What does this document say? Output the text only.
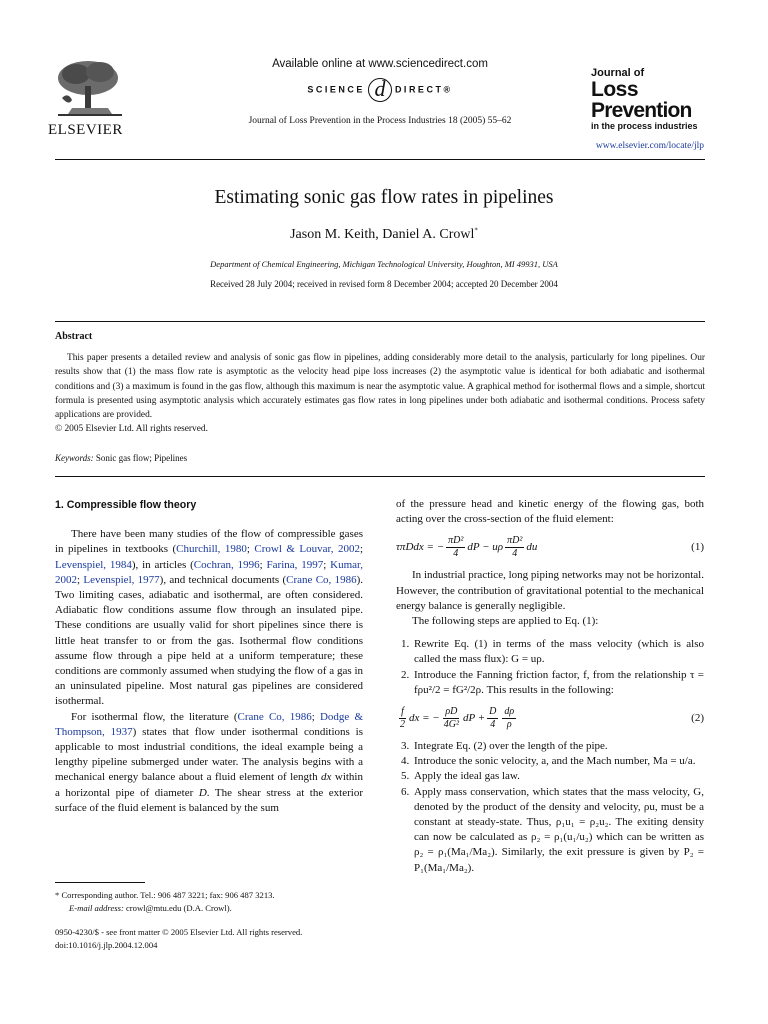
ELSEVIER
Available online at www.sciencedirect.com
SCIENCE d DIRECT®
Journal of Loss Prevention in the Process Industries 18 (2005) 55–62
Journal of
Loss
Prevention
in the process industries
www.elsevier.com/locate/jlp
Estimating sonic gas flow rates in pipelines
Jason M. Keith, Daniel A. Crowl*
Department of Chemical Engineering, Michigan Technological University, Houghton, MI 49931, USA
Received 28 July 2004; received in revised form 8 December 2004; accepted 20 December 2004
Abstract
This paper presents a detailed review and analysis of sonic gas flow in pipelines, adding considerably more detail to the analysis, particularly for long pipelines. Our results show that (1) the mass flow rate is asymptotic as the velocity head pipe loss increases (2) the asymptotic value is identical for both adiabatic and isothermal conditions and (3) a maximum is found in the gas flow, although this maximum is near the asymptotic value. A graphical method for isothermal flows and a simple, shortcut formula is presented using asymptotic analysis which accurately estimates gas flow rates in long pipelines under both adiabatic and isothermal conditions. Process safety applications are provided.
© 2005 Elsevier Ltd. All rights reserved.
Keywords: Sonic gas flow; Pipelines
1. Compressible flow theory
There have been many studies of the flow of compressible gases in pipelines in textbooks (Churchill, 1980; Crowl & Louvar, 2002; Levenspiel, 1984), in articles (Cochran, 1996; Farina, 1997; Kumar, 2002; Levenspiel, 1977), and technical documents (Crane Co, 1986). Two limiting cases, adiabatic and isothermal, are often considered. Adiabatic flow conditions assume flow through an insulated pipe. These conditions are usually valid for short pipelines since there is little heat transfer to or from the gas. Isothermal flow conditions assume flow through a pipe held at a uniform temperature; these conditions are commonly assumed when studying the flow of a gas in an uninsulated pipeline. Most natural gas pipelines are considered isothermal.
For isothermal flow, the literature (Crane Co, 1986; Dodge & Thompson, 1937) states that flow under isothermal conditions is applicable to most industrial conditions, the ideal example being a lengthy pipeline submerged under water. The analysis begins with a mechanical energy balance about a fluid element of length dx within a horizontal pipe of diameter D. The shear stress at the exterior surface of the fluid element is balanced by the sum
of the pressure head and kinetic energy of the flowing gas, both acting over the cross-section of the fluid element:
τπDdx = − $\frac{\text{πD²}}{4}$ dP − uρ $\frac{\text{πD²}}{4}$ du	(1)
In industrial practice, long piping networks may not be horizontal. However, the contribution of gravitational potential to the mechanical energy balance is generally negligible.
The following steps are applied to Eq. (1):
1. Rewrite Eq. (1) in terms of the mass velocity (which is also called the mass flux): G = uρ.
2. Introduce the Fanning friction factor, f, from the relationship τ = fρu²/2 = fG²/2ρ. This results in the following:
$\frac{f}{2}$ dx = − $\frac{\rho D}{\text{4G²}}$ dP + $\frac{D}{4} \frac{d\rho}{\rho}$	(2)
3. Integrate Eq. (2) over the length of the pipe.
4. Introduce the sonic velocity, a, and the Mach number, Ma = u/a.
5. Apply the ideal gas law.
6. Apply mass conservation, which states that the mass velocity, G, denoted by the product of the density and velocity, ρu, must be a constant at steady-state. Thus, ρ₁u₁ = ρ₂u₂. The exiting density can now be calculated as ρ₂ = ρ₁(u₁/u₂) which can be written as ρ₂ = ρ₁(Ma₁/Ma₂). Similarly, the exit pressure is given by P₂ = P₁(Ma₁/Ma₂).
* Corresponding author. Tel.: 906 487 3221; fax: 906 487 3213.
E-mail address: crowl@mtu.edu (D.A. Crowl).
0950-4230/$ - see front matter © 2005 Elsevier Ltd. All rights reserved.
doi:10.1016/j.jlp.2004.12.004
